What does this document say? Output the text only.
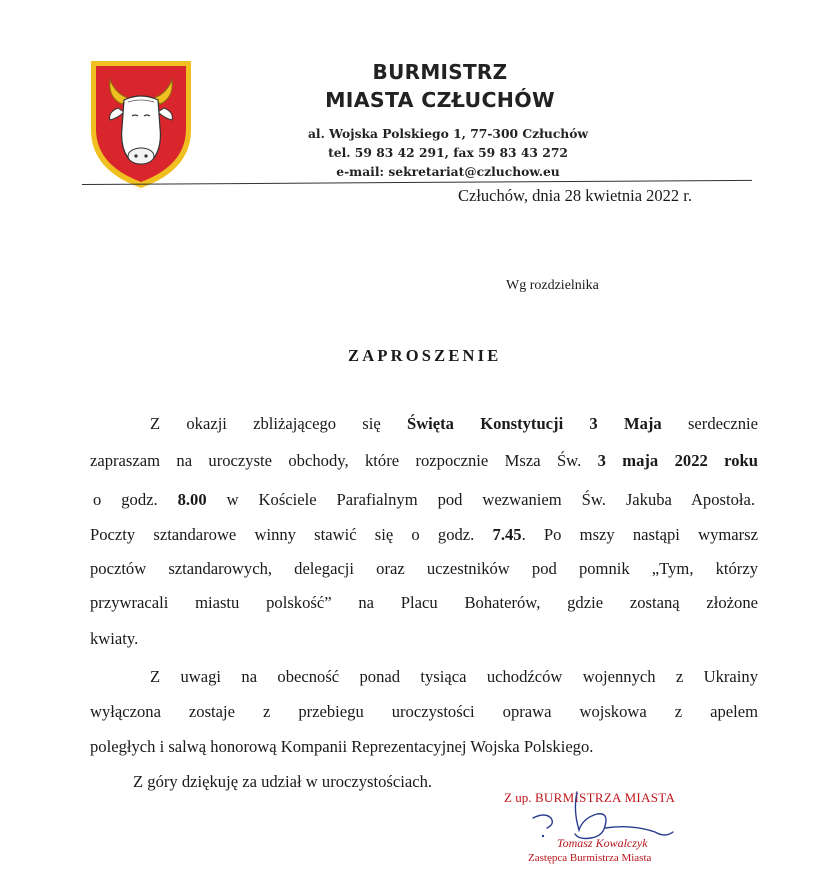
BURMISTRZ
MIASTA CZŁUCHÓW
al. Wojska Polskiego 1, 77-300 Człuchów
tel. 59 83 42 291, fax 59 83 43 272
e-mail: sekretariat@czluchow.eu
Człuchów, dnia 28 kwietnia 2022 r.
Wg rozdzielnika
ZAPROSZENIE
Z okazji zbliżającego się Święta Konstytucji 3 Maja serdecznie
zapraszam na uroczyste obchody, które rozpocznie Msza Św. 3 maja 2022 roku
o godz. 8.00 w Kościele Parafialnym pod wezwaniem Św. Jakuba Apostoła.
Poczty sztandarowe winny stawić się o godz. 7.45. Po mszy nastąpi wymarsz
pocztów sztandarowych, delegacji oraz uczestników pod pomnik „Tym, którzy
przywracali miastu polskość” na Placu Bohaterów, gdzie zostaną złożone
kwiaty.
Z uwagi na obecność ponad tysiąca uchodźców wojennych z Ukrainy
wyłączona zostaje z przebiegu uroczystości oprawa wojskowa z apelem
poległych i salwą honorową Kompanii Reprezentacyjnej Wojska Polskiego.
Z góry dziękuję za udział w uroczystościach.
Z up. BURMISTRZA MIASTA
Tomasz Kowalczyk
Zastępca Burmistrza Miasta
